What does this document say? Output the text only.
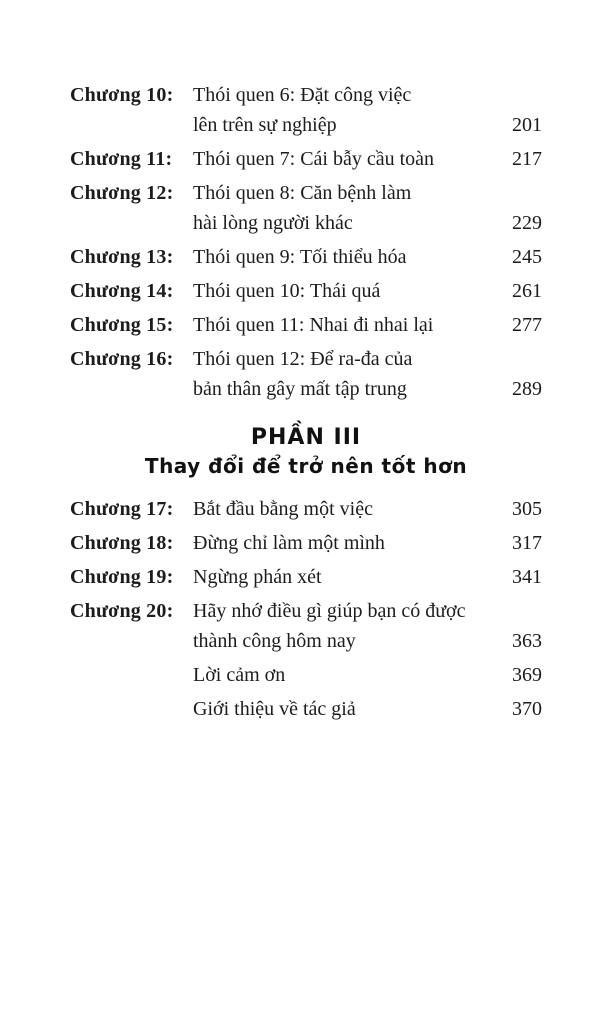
Chương 10: Thói quen 6: Đặt công việc
lên trên sự nghiệp	201
Chương 11:	Thói quen 7: Cái bẫy cầu toàn	217
Chương 12: Thói quen 8: Căn bệnh làm
hài lòng người khác	229
Chương 13: Thói quen 9: Tối thiểu hóa	245
Chương 14: Thói quen 10: Thái quá	261
Chương 15: Thói quen 11: Nhai đi nhai lại	277
Chương 16: Thói quen 12: Để ra-đa của
bản thân gây mất tập trung	289
PHẦN III
Thay đổi để trở nên tốt hơn
Chương 17: Bắt đầu bằng một việc	305
Chương 18: Đừng chỉ làm một mình	317
Chương 19: Ngừng phán xét	341
Chương 20: Hãy nhớ điều gì giúp bạn có được
thành công hôm nay	363
Lời cảm ơn	369
Giới thiệu về tác giả	370
